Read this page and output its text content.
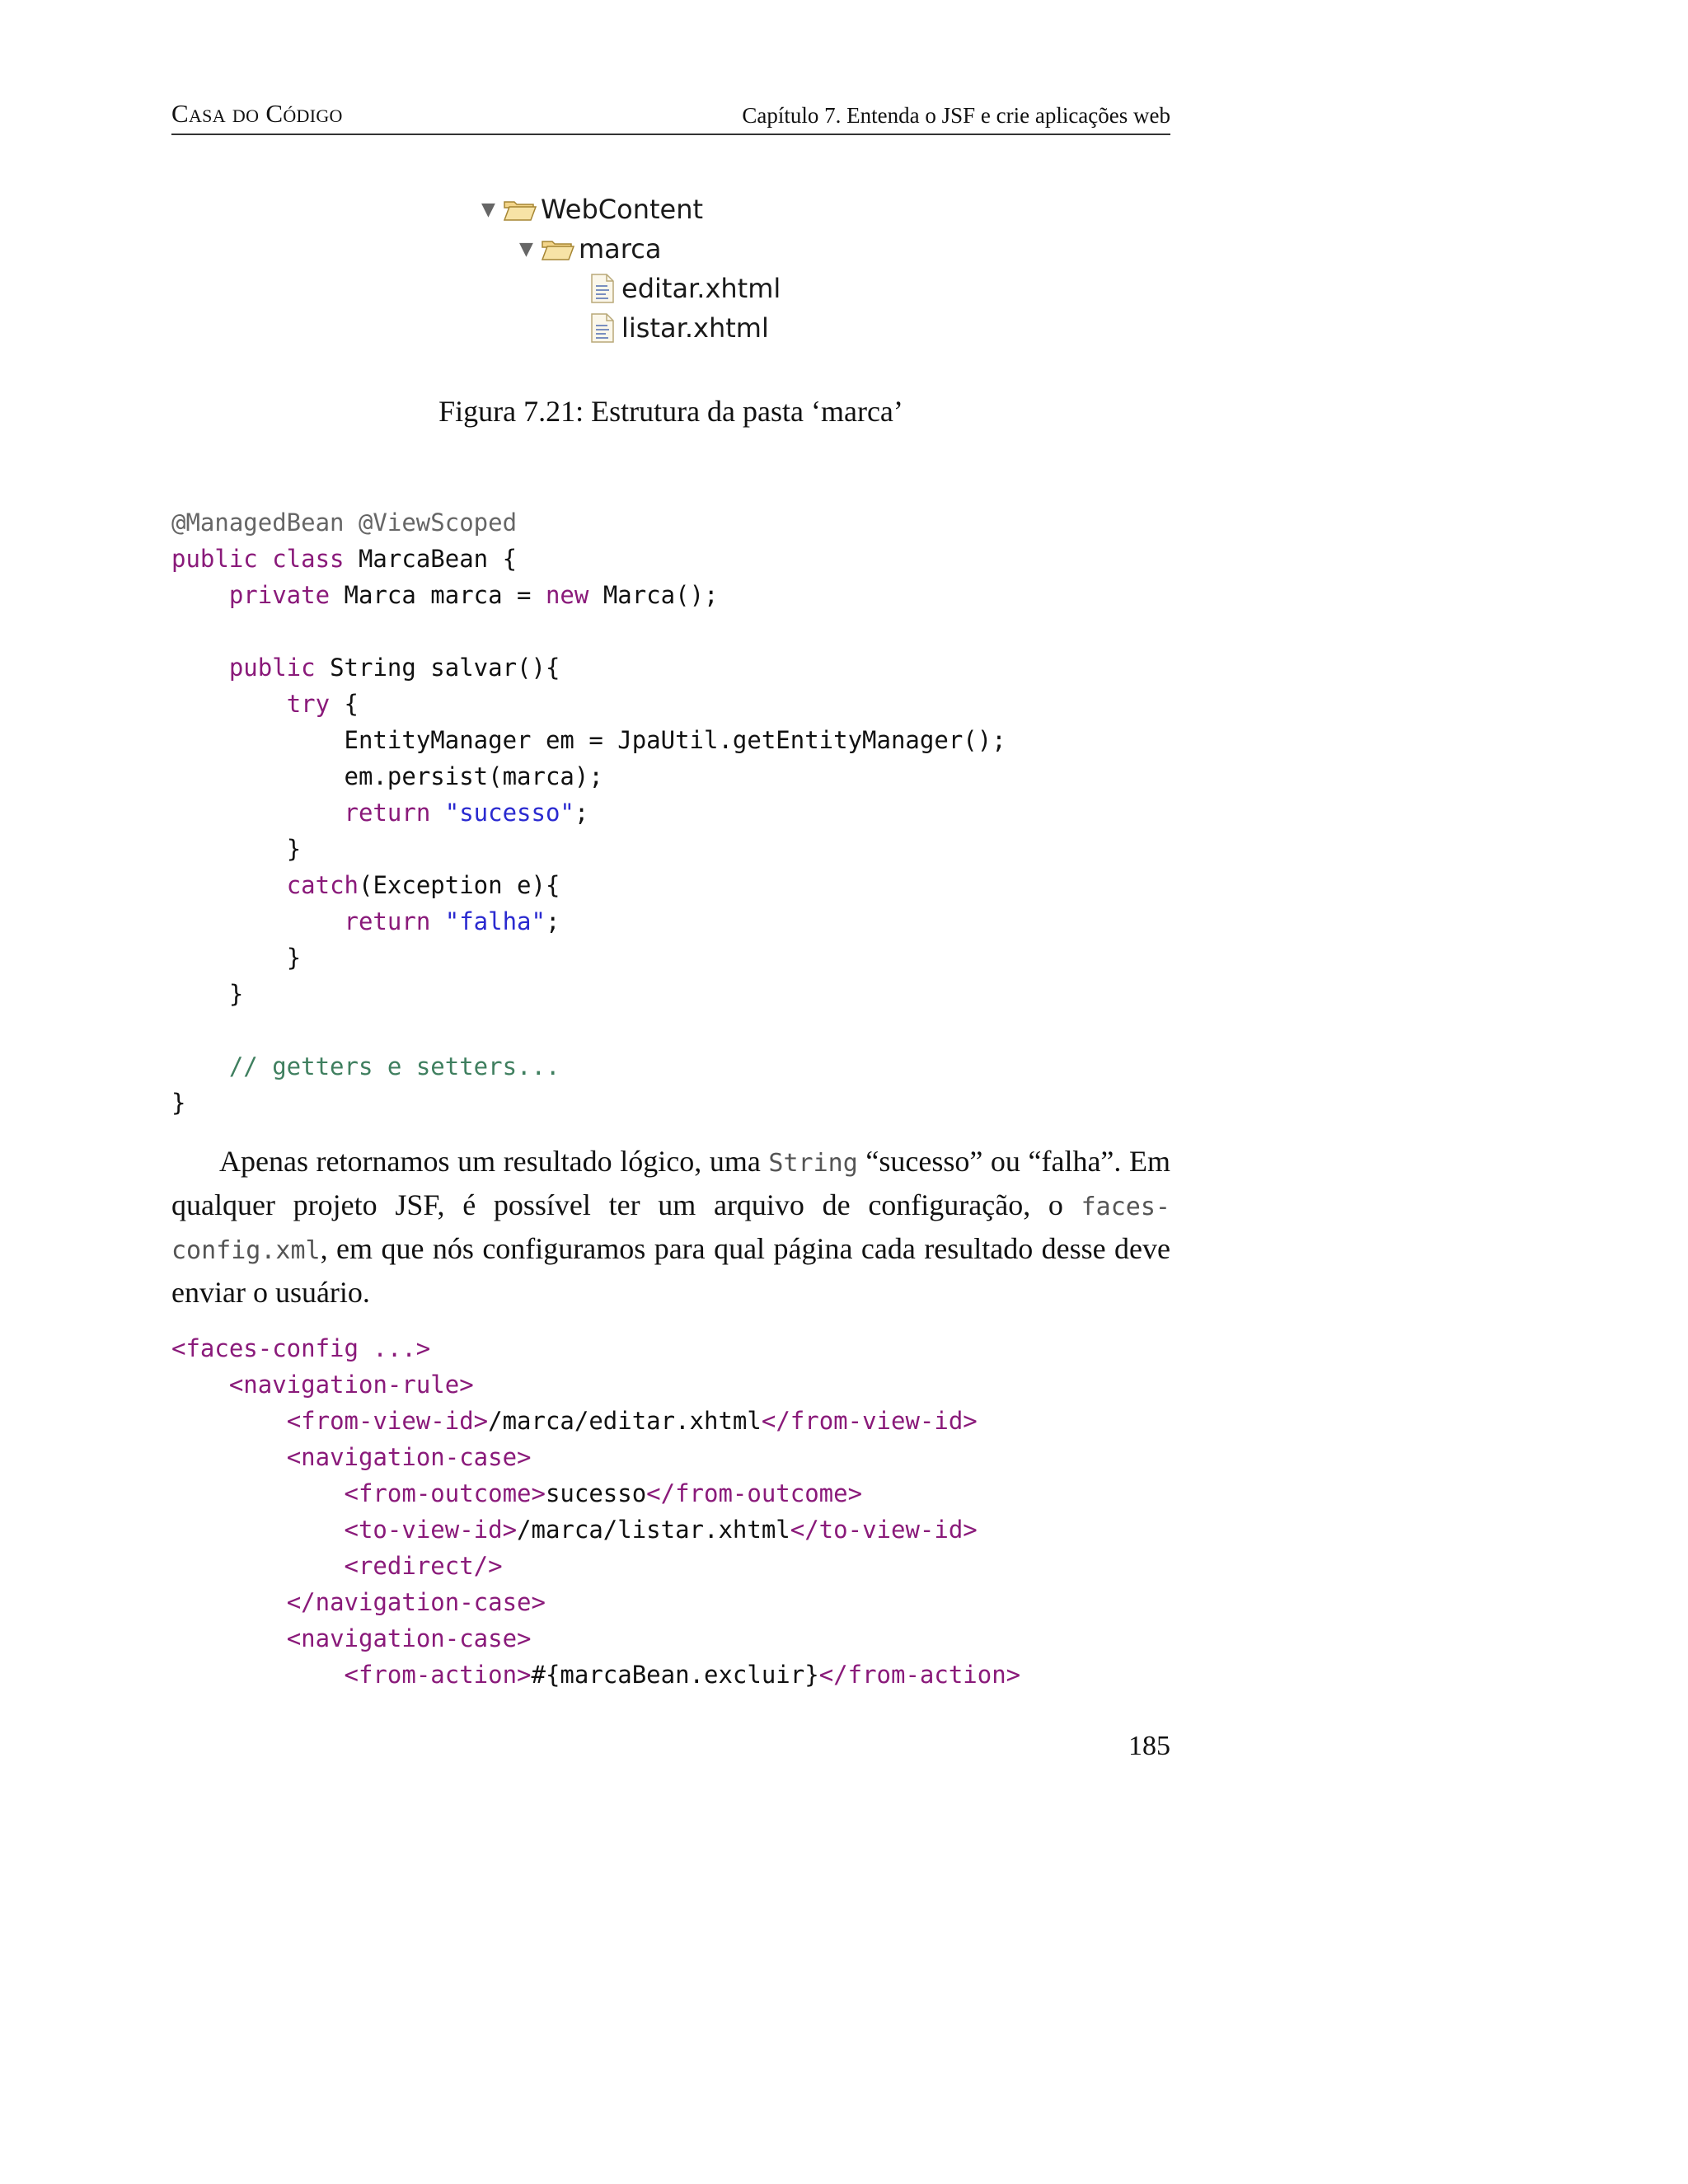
Casa do Código	Capítulo 7. Entenda o JSF e crie aplicações web
▼ WebContent
▼ marca
editar.xhtml
listar.xhtml
Figura 7.21: Estrutura da pasta ‘marca’
@ManagedBean @ViewScoped
public class MarcaBean {
private Marca marca = new Marca();

public String salvar(){
try {
EntityManager em = JpaUtil.getEntityManager();
em.persist(marca);
return "sucesso";
}
catch(Exception e){
return "falha";
}
}

// getters e setters...
}

Apenas retornamos um resultado lógico, uma String “sucesso” ou “falha”. Em qualquer projeto JSF, é possível ter um arquivo de configuração, o faces-config.xml, em que nós configuramos para qual página cada resultado desse deve enviar o usuário.

<faces-config ...>
<navigation-rule>
<from-view-id>/marca/editar.xhtml</from-view-id>
<navigation-case>
<from-outcome>sucesso</from-outcome>
<to-view-id>/marca/listar.xhtml</to-view-id>
<redirect/>
</navigation-case>
<navigation-case>
<from-action>#{marcaBean.excluir}</from-action>
185
